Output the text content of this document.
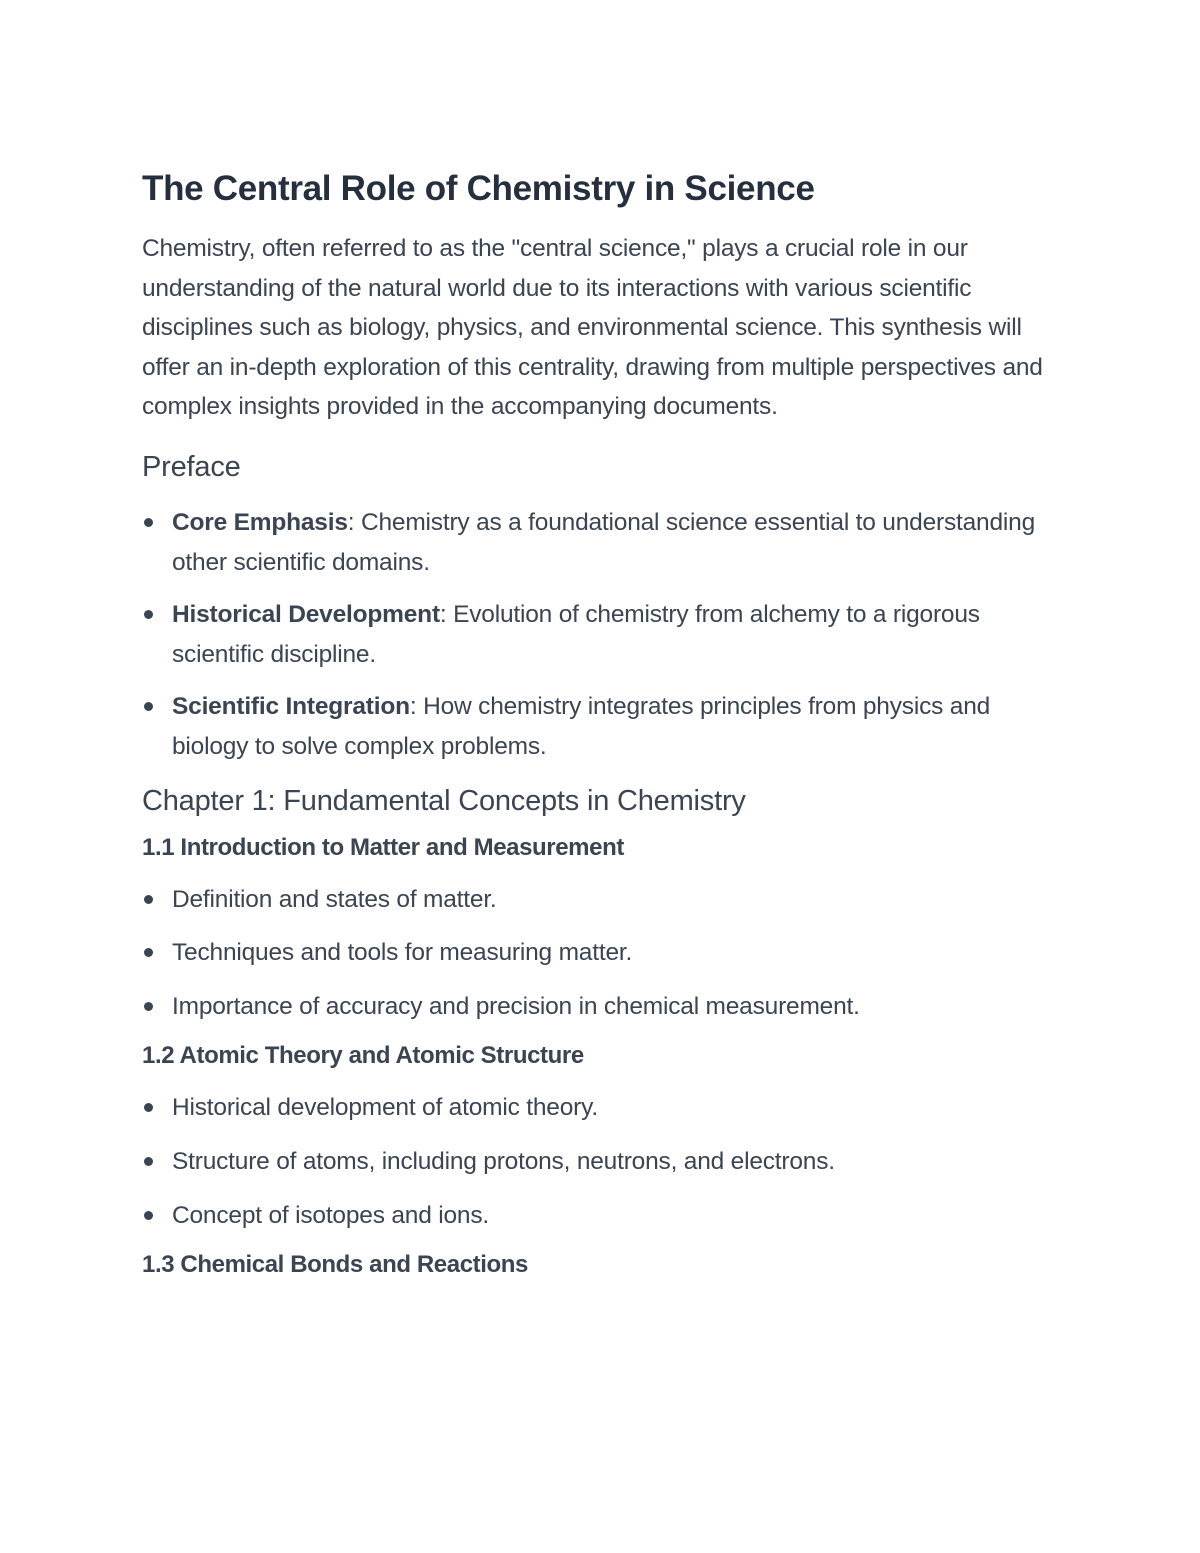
The Central Role of Chemistry in Science

Chemistry, often referred to as the "central science," plays a crucial role in our understanding of the natural world due to its interactions with various scientific disciplines such as biology, physics, and environmental science. This synthesis will offer an in-depth exploration of this centrality, drawing from multiple perspectives and complex insights provided in the accompanying documents.

Preface
Core Emphasis: Chemistry as a foundational science essential to understanding other scientific domains.
Historical Development: Evolution of chemistry from alchemy to a rigorous scientific discipline.
Scientific Integration: How chemistry integrates principles from physics and biology to solve complex problems.
Chapter 1: Fundamental Concepts in Chemistry
1.1 Introduction to Matter and Measurement
Definition and states of matter.
Techniques and tools for measuring matter.
Importance of accuracy and precision in chemical measurement.
1.2 Atomic Theory and Atomic Structure
Historical development of atomic theory.
Structure of atoms, including protons, neutrons, and electrons.
Concept of isotopes and ions.
1.3 Chemical Bonds and Reactions
